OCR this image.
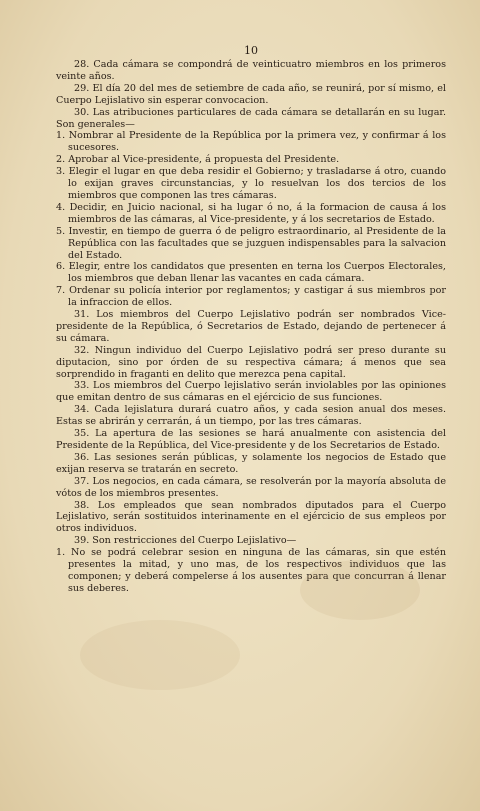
10

28. Cada cámara se compondrá de veinticuatro miembros en los primeros veinte años.

29. El día 20 del mes de setiembre de cada año, se reunirá, por sí mismo, el Cuerpo Lejislativo sin esperar convocacion.

30. Las atribuciones particulares de cada cámara se detallarán en su lugar. Son generales—

1. Nombrar al Presidente de la República por la primera vez, y confirmar á los sucesores.

2. Aprobar al Vice-presidente, á propuesta del Presidente.

3. Elegir el lugar en que deba residir el Gobierno; y trasladarse á otro, cuando lo exijan graves circunstancias, y lo resuelvan los dos tercios de los miembros que componen las tres cámaras.

4. Decidir, en Juicio nacional, si ha lugar ó no, á la formacion de causa á los miembros de las cámaras, al Vice-presidente, y á los secretarios de Estado.

5. Investir, en tiempo de guerra ó de peligro estraordinario, al Presidente de la República con las facultades que se juzguen indispensables para la salvacion del Estado.

6. Elegir, entre los candidatos que presenten en terna los Cuerpos Electorales, los miembros que deban llenar las vacantes en cada cámara.

7. Ordenar su policía interior por reglamentos; y castigar á sus miembros por la infraccion de ellos.

31. Los miembros del Cuerpo Lejislativo podrán ser nombrados Vice-presidente de la República, ó Secretarios de Estado, dejando de pertenecer á su cámara.

32. Ningun individuo del Cuerpo Lejislativo podrá ser preso durante su diputacion, sino por órden de su respectiva cámara; á menos que sea sorprendido in fraganti en delito que merezca pena capital.

33. Los miembros del Cuerpo lejislativo serán inviolables por las opiniones que emitan dentro de sus cámaras en el ejércicio de sus funciones.

34. Cada lejislatura durará cuatro años, y cada sesion anual dos meses. Estas se abrirán y cerrarán, á un tiempo, por las tres cámaras.

35. La apertura de las sesiones se hará anualmente con asistencia del Presidente de la República, del Vice-presidente y de los Secretarios de Estado.

36. Las sesiones serán públicas, y solamente los negocios de Estado que exijan reserva se tratarán en secreto.

37. Los negocios, en cada cámara, se resolverán por la mayoría absoluta de vótos de los miembros presentes.

38. Los empleados que sean nombrados diputados para el Cuerpo Lejislativo, serán sostituidos interinamente en el ejércicio de sus empleos por otros individuos.

39. Son restricciones del Cuerpo Lejislativo—

1. No se podrá celebrar sesion en ninguna de las cámaras, sin que estén presentes la mitad, y uno mas, de los respectivos individuos que las componen; y deberá compelerse á los ausentes para que concurran á llenar sus deberes.
